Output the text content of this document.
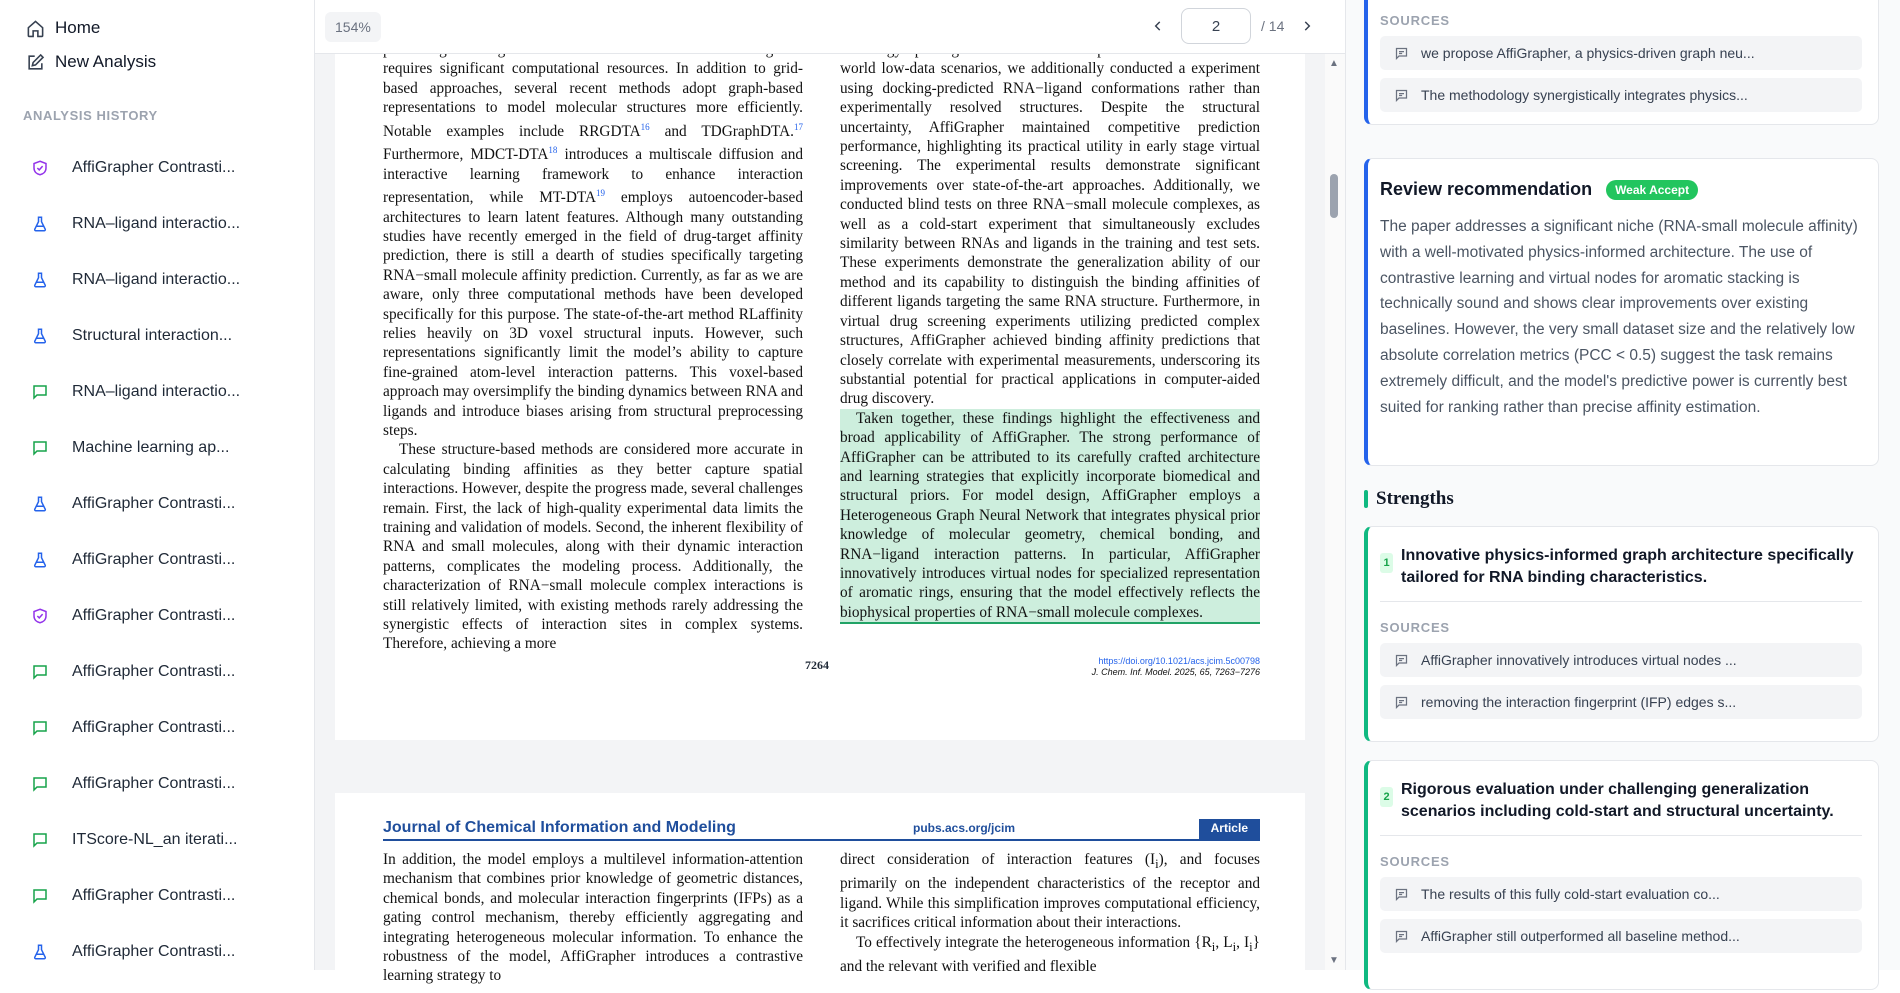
Home
New Analysis
ANALYSIS HISTORY
AffiGrapher Contrasti...
RNA–ligand interactio...
RNA–ligand interactio...
Structural interaction...
RNA–ligand interactio...
Machine learning ap...
AffiGrapher Contrasti...
AffiGrapher Contrasti...
AffiGrapher Contrasti...
AffiGrapher Contrasti...
AffiGrapher Contrasti...
AffiGrapher Contrasti...
ITScore-NL_an iterati...
AffiGrapher Contrasti...
AffiGrapher Contrasti...
154%
2	/ 14

requires significant computational resources. In addition to grid-based approaches, several recent methods adopt graph-based representations to model molecular structures more efficiently. Notable examples include RRGDTA$^{16}$ and TDGraphDTA.$^{17}$ Furthermore, MDCT-DTA$^{18}$ introduces a multiscale diffusion and interactive learning framework to enhance interaction representation, while MT-DTA$^{19}$ employs autoencoder-based architectures to learn latent features. Although many outstanding studies have recently emerged in the field of drug-target affinity prediction, there is still a dearth of studies specifically targeting RNA−small molecule affinity prediction. Currently, as far as we are aware, only three computational methods have been developed specifically for this purpose. The state-of-the-art method RLaffinity relies heavily on 3D voxel structural inputs. However, such representations significantly limit the model’s ability to capture fine-grained atom-level interaction patterns. This voxel-based approach may oversimplify the binding dynamics between RNA and ligands and introduce biases arising from structural preprocessing steps.

These structure-based methods are considered more accurate in calculating binding affinities as they better capture spatial interactions. However, despite the progress made, several challenges remain. First, the lack of high-quality experimental data limits the training and validation of models. Second, the inherent flexibility of RNA and small molecules, along with their dynamic interaction patterns, complicates the modeling process. Additionally, the characterization of RNA−small molecule complex interactions is still relatively limited, with existing methods rarely addressing the synergistic effects of interaction sites in complex systems. Therefore, achieving a more

world low-data scenarios, we additionally conducted a experiment using docking-predicted RNA−ligand conformations rather than experimentally resolved structures. Despite the structural uncertainty, AffiGrapher maintained competitive prediction performance, highlighting its practical utility in early stage virtual screening. The experimental results demonstrate significant improvements over state-of-the-art approaches. Additionally, we conducted blind tests on three RNA−small molecule complexes, as well as a cold-start experiment that simultaneously excludes similarity between RNAs and ligands in the training and test sets. These experiments demonstrate the generalization ability of our method and its capability to distinguish the binding affinities of different ligands targeting the same RNA structure. Furthermore, in virtual drug screening experiments utilizing predicted complex structures, AffiGrapher achieved binding affinity predictions that closely correlate with experimental measurements, underscoring its substantial potential for practical applications in computer-aided drug discovery.

Taken together, these findings highlight the effectiveness and broad applicability of AffiGrapher. The strong performance of AffiGrapher can be attributed to its carefully crafted architecture and learning strategies that explicitly incorporate biomedical and structural priors. For model design, AffiGrapher employs a Heterogeneous Graph Neural Network that integrates physical prior knowledge of molecular geometry, chemical bonding, and RNA−ligand interaction patterns. In particular, AffiGrapher innovatively introduces virtual nodes for specialized representation of aromatic rings, ensuring that the model effectively reflects the biophysical properties of RNA−small molecule complexes.

7264	https://doi.org/10.1021/acs.jcim.5c00798
J. Chem. Inf. Model. 2025, 65, 7263−7276
Journal of Chemical Information and Modeling	pubs.acs.org/jcim	Article

In addition, the model employs a multilevel information-attention mechanism that combines prior knowledge of geometric distances, chemical bonds, and molecular interaction fingerprints (IFPs) as a gating control mechanism, thereby efficiently aggregating and integrating heterogeneous molecular information. To enhance the robustness of the model, AffiGrapher introduces a contrastive learning strategy to

direct consideration of interaction features $(I_i)$, and focuses primarily on the independent characteristics of the receptor and ligand. While this simplification improves computational efficiency, it sacrifices critical information about their interactions.

To effectively integrate the heterogeneous information {$R_i$, $L_i$, $I_i$} and the relevant with verified and flexible

▲
▼
SOURCES
we propose AffiGrapher, a physics-driven graph neu...
The methodology synergistically integrates physics...
Review recommendation	Weak Accept
The paper addresses a significant niche (RNA-small molecule affinity) with a well-motivated physics-informed architecture. The use of contrastive learning and virtual nodes for aromatic stacking is technically sound and shows clear improvements over existing baselines. However, the very small dataset size and the relatively low absolute correlation metrics (PCC < 0.5) suggest the task remains extremely difficult, and the model's predictive power is currently best suited for ranking rather than precise affinity estimation.
Strengths
1 Innovative physics-informed graph architecture specifically tailored for RNA binding characteristics.
SOURCES
AffiGrapher innovatively introduces virtual nodes ...
removing the interaction fingerprint (IFP) edges s...
2 Rigorous evaluation under challenging generalization scenarios including cold-start and structural uncertainty.
SOURCES
The results of this fully cold-start evaluation co...
AffiGrapher still outperformed all baseline method...
